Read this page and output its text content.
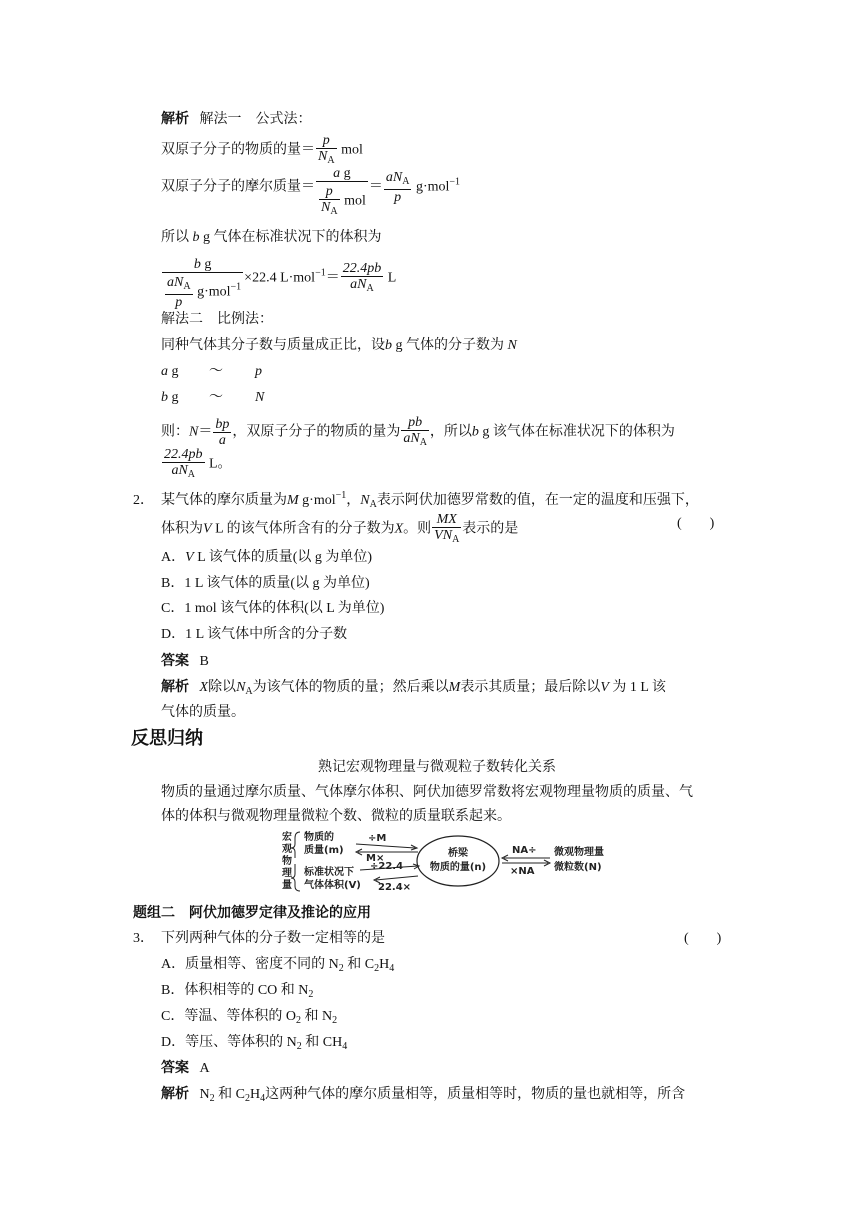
解析 解法一　公式法：
双原子分子的物质的量＝ $\frac{p}{N_A}$ mol
双原子分子的摩尔质量＝ $\frac{\text{a g}}{\frac{p}{N_A} mol} = \frac{aN_A}{p} g\cdot mol^{-1}$
所以 b g 气体在标准状况下的体积为
$\frac{\text{b g}}{\frac{aN_A}{p} g\cdot mol^{-1}} \times 22.4$ $L\cdot mol^{-1}= \frac{22.4pb}{aN_A}$ L
解法二　比例法：
同种气体其分子数与质量成正比，设b g 气体的分子数为 N
a g ～ p
b g ～ N
则：$N= \frac{bp}{a}$ ，双原子分子的物质的量为 $\frac{pb}{aN_A}$ ，所以b g 该气体在标准状况下的体积为
$\frac{22.4pb}{aN_A}$ L。
2． 某气体的摩尔质量为M g·mol$^{-1}$，$N_A$表示阿伏加德罗常数的值，在一定的温度和压强下，
体积为V L 的该气体所含有的分子数为X。则 $\frac{MX}{VN_A}$ 表示的是	(　　)
A．V L 该气体的质量(以 g 为单位)
B．1 L 该气体的质量(以 g 为单位)
C．1 mol 该气体的体积(以 L 为单位)
D．1 L 该气体中所含的分子数
答案 B
解析 X除以$N_A$为该气体的物质的量；然后乘以M表示其质量；最后除以V 为 1 L 该
气体的质量。
反思归纳
熟记宏观物理量与微观粒子数转化关系
物质的量通过摩尔质量、气体摩尔体积、阿伏加德罗常数将宏观物理量物质的质量、气
体的体积与微观物理量微粒个数、微粒的质量联系起来。
宏
观
物
理
量
物质的
质量(m)
标准状况下
气体体积(V)
÷M
M×
÷22.4
22.4×
桥梁
物质的量(n)
NA÷
×NA
微观物理量
微粒数(N)
题组二　阿伏加德罗定律及推论的应用
3． 下列两种气体的分子数一定相等的是	(　　)
A．质量相等、密度不同的 $N_2$ 和 $C_2H_4$
B．体积相等的 CO 和 $N_2$
C．等温、等体积的 $O_2$ 和 $N_2$
D．等压、等体积的 $N_2$ 和 $CH_4$
答案 A
解析 $N_2$ 和 $C_2H_4$这两种气体的摩尔质量相等，质量相等时，物质的量也就相等，所含
